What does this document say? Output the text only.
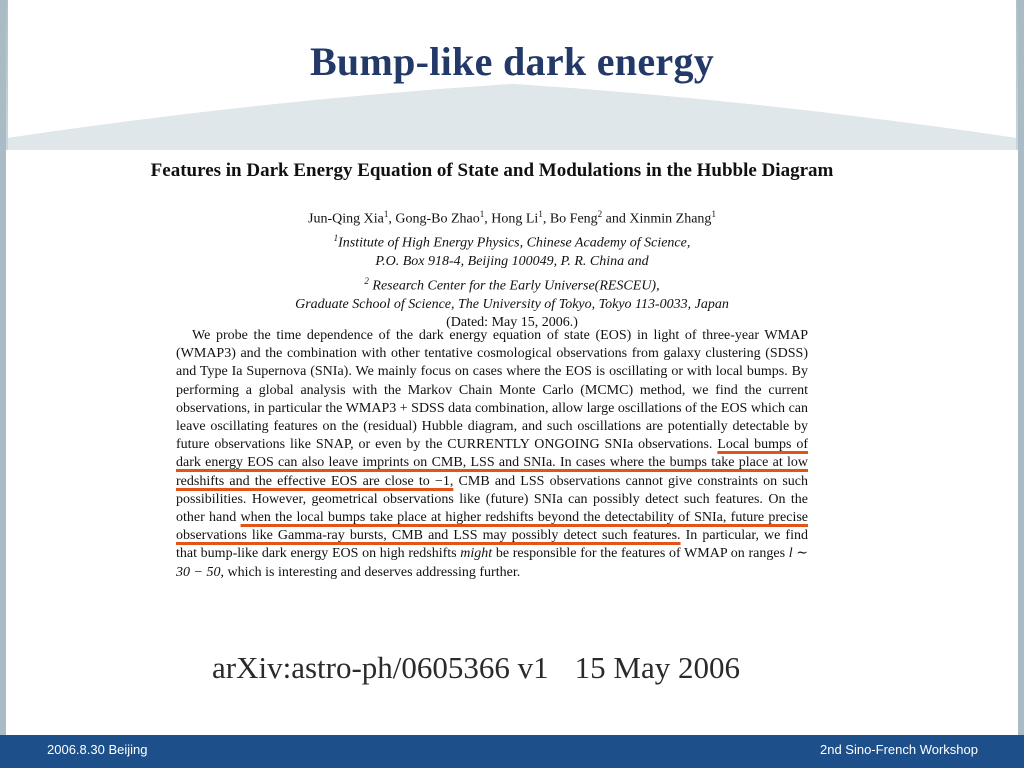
Bump-like dark energy
Features in Dark Energy Equation of State and Modulations in the Hubble Diagram
Jun-Qing Xia$^1$, Gong-Bo Zhao$^1$, Hong Li$^1$, Bo Feng$^2$ and Xinmin Zhang$^1$
$^1$Institute of High Energy Physics, Chinese Academy of Science,
P.O. Box 918-4, Beijing 100049, P. R. China and
$^2$ Research Center for the Early Universe(RESCEU),
Graduate School of Science, The University of Tokyo, Tokyo 113-0033, Japan
(Dated: May 15, 2006.)

We probe the time dependence of the dark energy equation of state (EOS) in light of three-year WMAP (WMAP3) and the combination with other tentative cosmological observations from galaxy clustering (SDSS) and Type Ia Supernova (SNIa). We mainly focus on cases where the EOS is oscillating or with local bumps. By performing a global analysis with the Markov Chain Monte Carlo (MCMC) method, we find the current observations, in particular the WMAP3 + SDSS data combination, allow large oscillations of the EOS which can leave oscillating features on the (residual) Hubble diagram, and such oscillations are potentially detectable by future observations like SNAP, or even by the CURRENTLY ONGOING SNIa observations. Local bumps of dark energy EOS can also leave imprints on CMB, LSS and SNIa. In cases where the bumps take place at low redshifts and the effective EOS are close to −1, CMB and LSS observations cannot give constraints on such possibilities. However, geometrical observations like (future) SNIa can possibly detect such features. On the other hand when the local bumps take place at higher redshifts beyond the detectability of SNIa, future precise observations like Gamma-ray bursts, CMB and LSS may possibly detect such features. In particular, we find that bump-like dark energy EOS on high redshifts might be responsible for the features of WMAP on ranges l ∼ 30 − 50, which is interesting and deserves addressing further.

arXiv:astro-ph/0605366 v1 15 May 2006
2006.8.30 Beijing	2nd Sino-French Workshop
